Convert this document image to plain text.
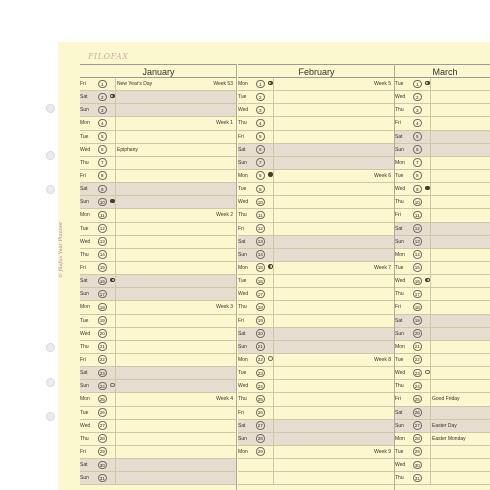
FILOFAX
January
Fri	1	New Year's Day	Week 53
Sat	2
Sun	3
Mon	4	Week 1
Tue	5
Wed	6	Epiphany
Thu	7
Fri	8
Sat	9
Sun	10
Mon	11	Week 2
Tue	12
Wed	13
Thu	14
Fri	15
Sat	16
Sun	17
Mon	18	Week 3
Tue	19
Wed	20
Thu	21
Fri	22
Sat	23
Sun	24
Mon	25	Week 4
Tue	26
Wed	27
Thu	28
Fri	29
Sat	30
Sun	31
February
Mon	1	Week 5
Tue	2
Wed	3
Thu	4
Fri	5
Sat	6
Sun	7
Mon	8	Week 6
Tue	9
Wed	10
Thu	11
Fri	12
Sat	13
Sun	14
Mon	15	Week 7
Tue	16
Wed	17
Thu	18
Fri	19
Sat	20
Sun	21
Mon	22	Week 8
Tue	23
Wed	24
Thu	25
Fri	26
Sat	27
Sun	28
Mon	29	Week 9
March
Tue	1
Wed	2
Thu	3
Fri	4
Sat	5
Sun	6
Mon	7
Tue	8
Wed	9
Thu	10
Fri	11
Sat	12
Sun	13
Mon	14
Tue	15
Wed	16
Thu	17
Fri	18
Sat	19
Sun	20
Mon	21
Tue	22
Wed	23
Thu	24
Fri	25	Good Friday
Sat	26
Sun	27	Easter Day
Mon	28	Easter Monday
Tue	29
Wed	30
Thu	31
© filofax Year Planner
